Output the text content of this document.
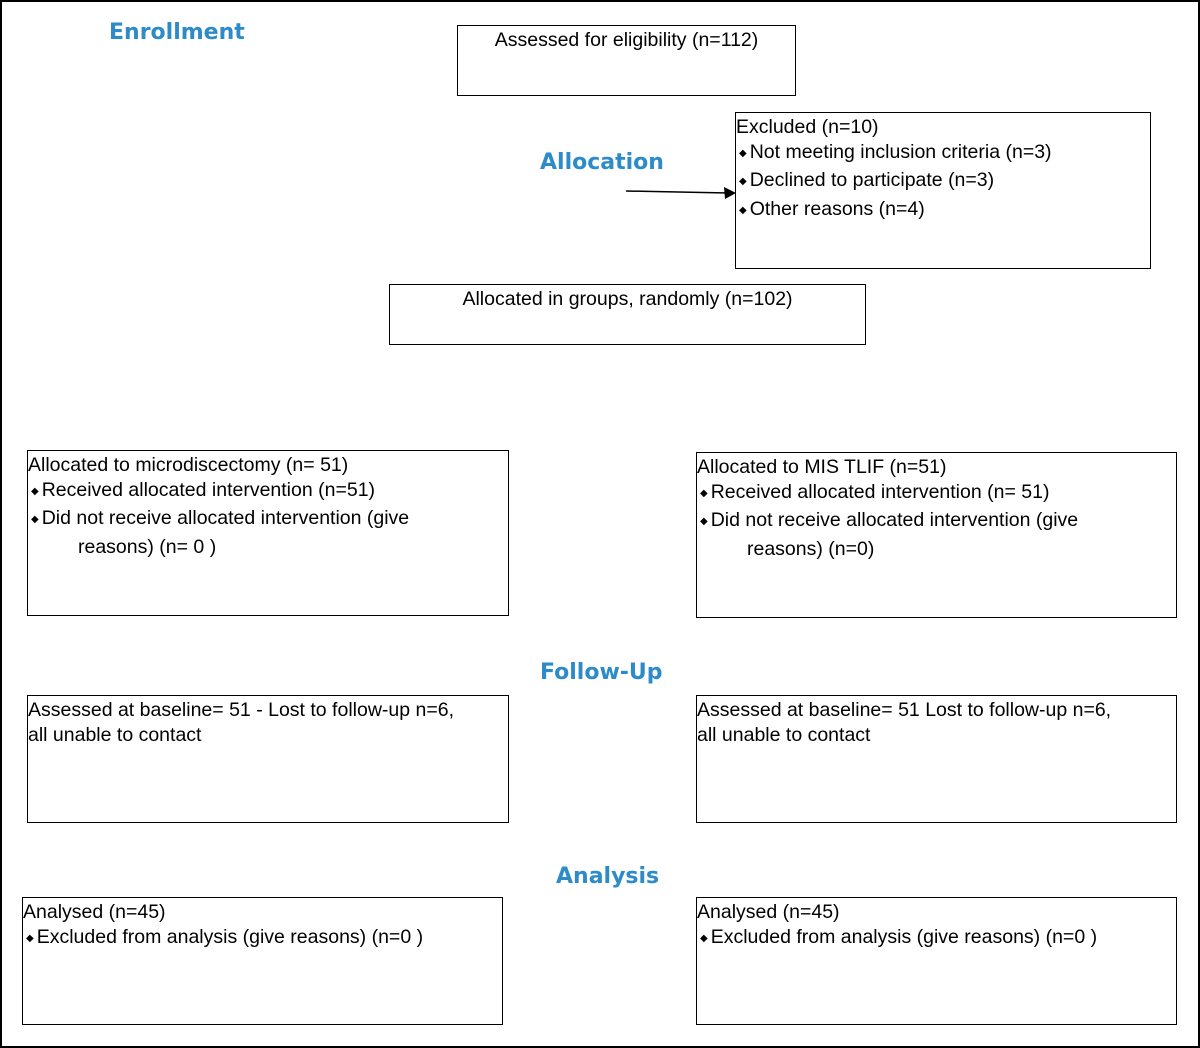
Enrollment
Allocation
Follow-Up
Analysis
Assessed for eligibility (n=112)
Excluded (n=10)
◆ Not meeting inclusion criteria (n=3)
◆ Declined to participate (n=3)
◆ Other reasons (n=4)
Allocated in groups, randomly (n=102)
Allocated to microdiscectomy (n= 51)
◆ Received allocated intervention (n=51)
◆ Did not receive allocated intervention (give
reasons) (n= 0 )
Allocated to MIS TLIF (n=51)
◆ Received allocated intervention (n= 51)
◆ Did not receive allocated intervention (give
reasons) (n=0)
Assessed at baseline= 51 - Lost to follow-up n=6,
all unable to contact
Assessed at baseline= 51 Lost to follow-up n=6,
all unable to contact
Analysed (n=45)
◆ Excluded from analysis (give reasons) (n=0 )
Analysed (n=45)
◆ Excluded from analysis (give reasons) (n=0 )
